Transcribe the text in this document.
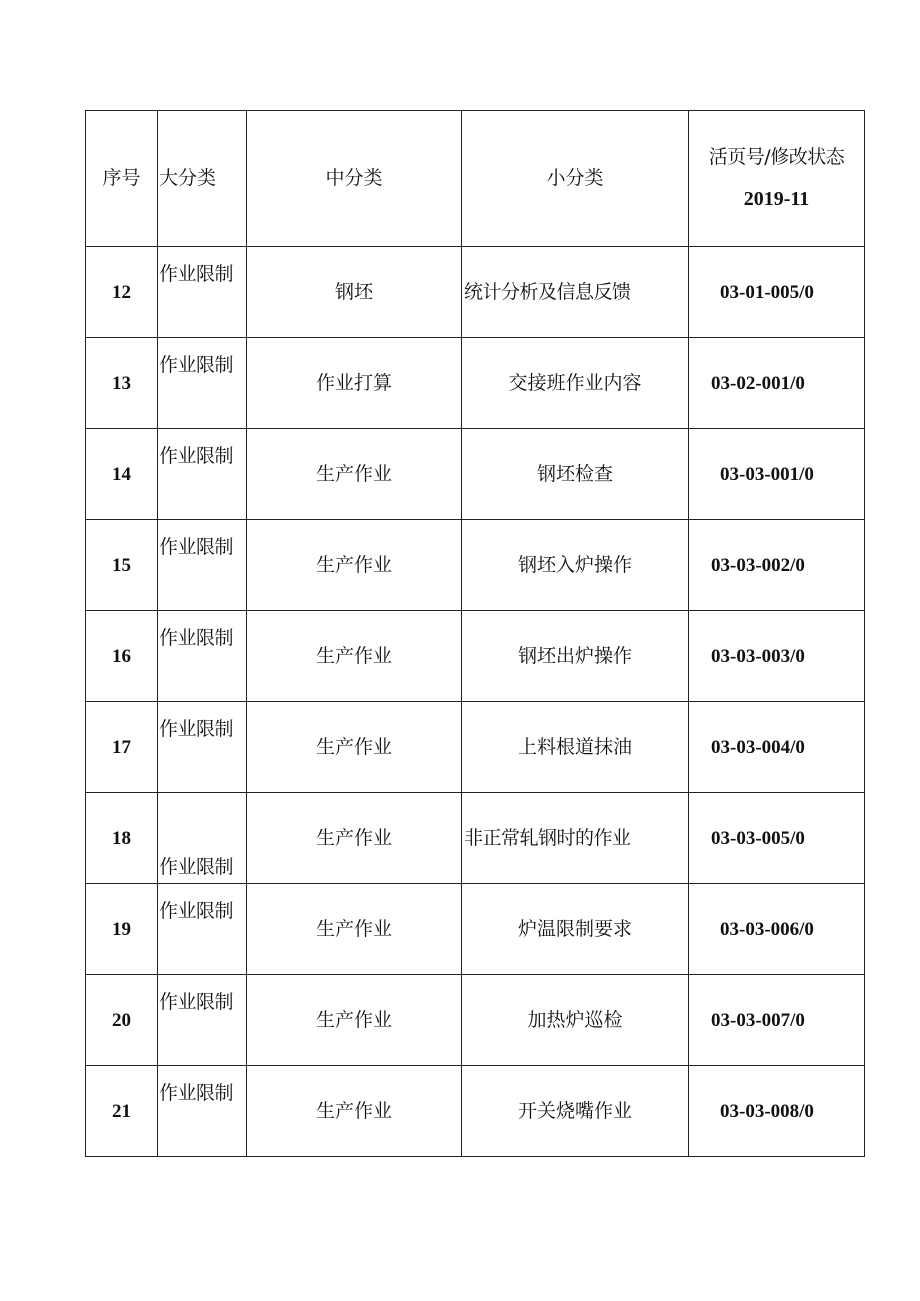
序号	大分类	中分类	小分类	活页号/修改状态
2019-11

12	作业限制	钢坯	统计分析及信息反馈	03-01-005/0
13	作业限制	作业打算	交接班作业内容	03-02-001/0
14	作业限制	生产作业	钢坯检查	03-03-001/0
15	作业限制	生产作业	钢坯入炉操作	03-03-002/0
16	作业限制	生产作业	钢坯出炉操作	03-03-003/0
17	作业限制	生产作业	上料根道抹油	03-03-004/0
18	作业限制	生产作业	非正常轧钢时的作业	03-03-005/0
19	作业限制	生产作业	炉温限制要求	03-03-006/0
20	作业限制	生产作业	加热炉巡检	03-03-007/0
21	作业限制	生产作业	开关烧嘴作业	03-03-008/0
